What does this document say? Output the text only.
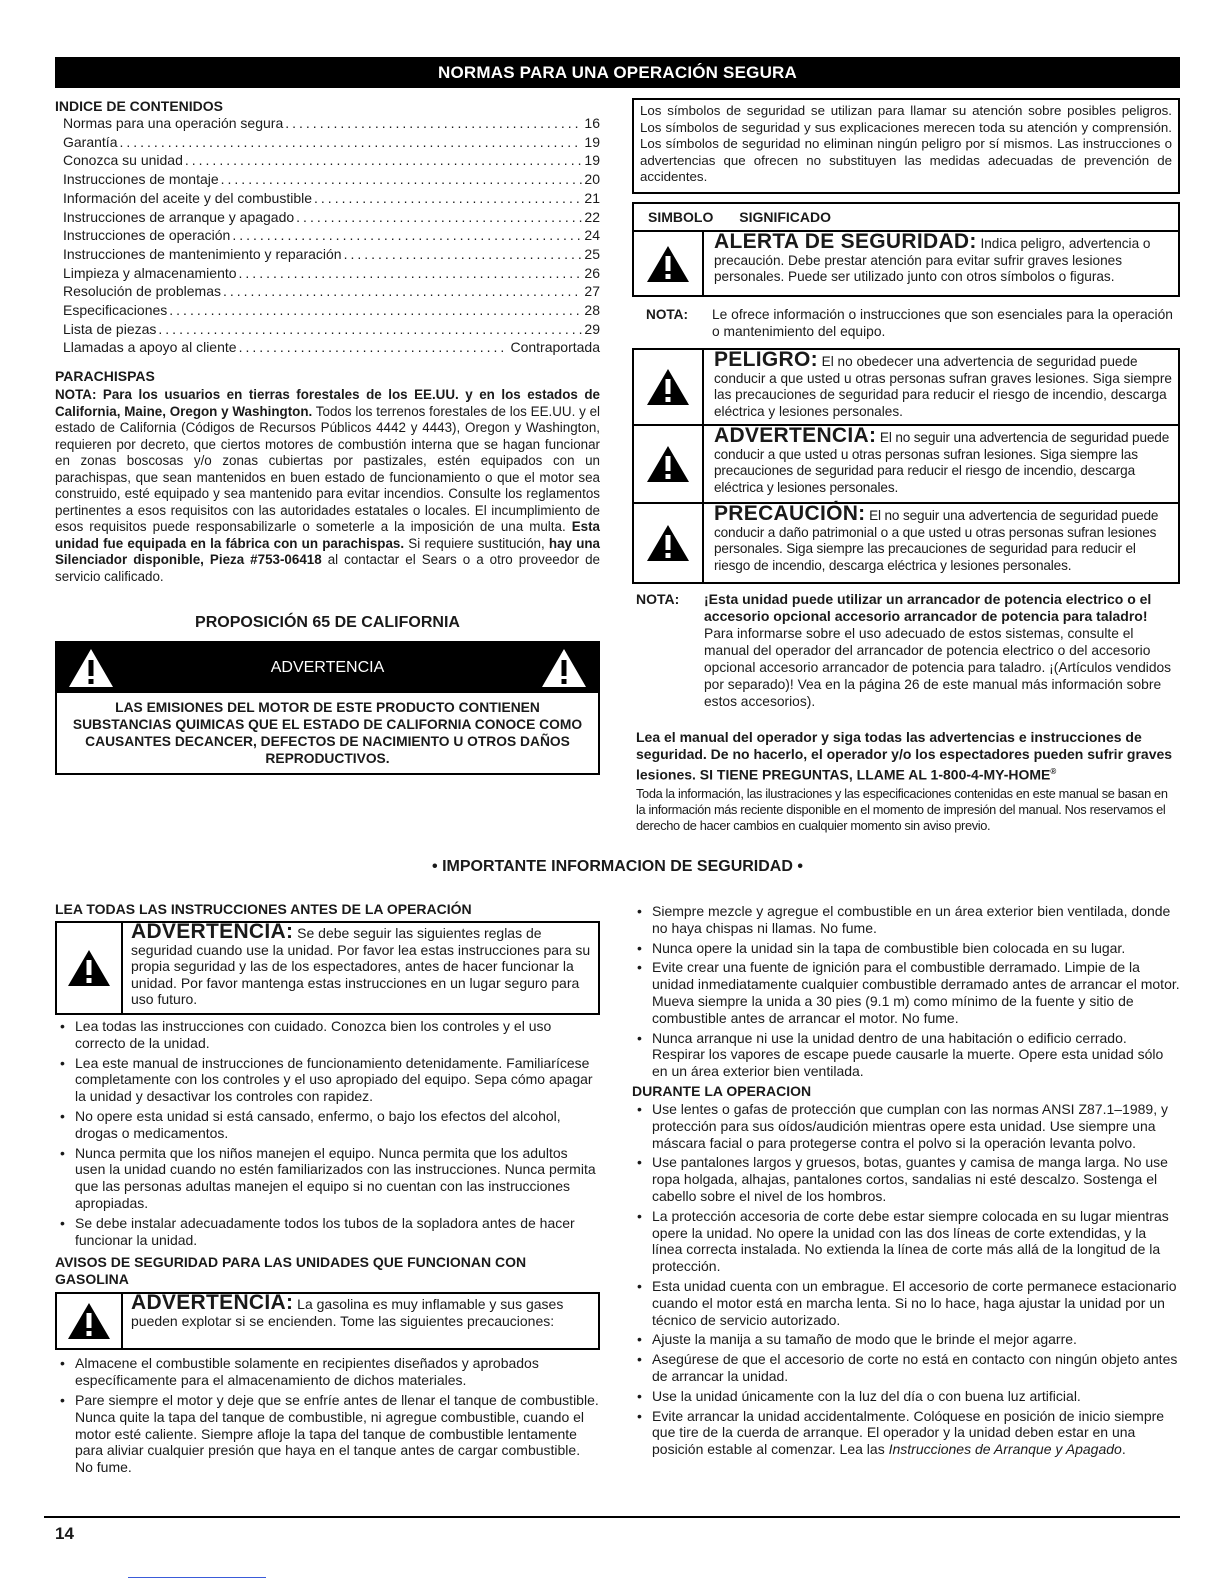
NORMAS PARA UNA OPERACIÓN SEGURA
INDICE DE CONTENIDOS
Normas para una operación segura .....	16
Garantía .....	19
Conozca su unidad .....	19
Instrucciones de montaje .....	20
Información del aceite y del combustible .....	21
Instrucciones de arranque y apagado .....	22
Instrucciones de operación .....	24
Instrucciones de mantenimiento y reparación .....	25
Limpieza y almacenamiento .....	26
Resolución de problemas .....	27
Especificaciones .....	28
Lista de piezas .....	29
Llamadas a apoyo al cliente .....	Contraportada
PARACHISPAS
NOTA: Para los usuarios en tierras forestales de los EE.UU. y en los estados de California, Maine, Oregon y Washington. Todos los terrenos forestales de los EE.UU. y el estado de California (Códigos de Recursos Públicos 4442 y 4443), Oregon y Washington, requieren por decreto, que ciertos motores de combustión interna que se hagan funcionar en zonas boscosas y/o zonas cubiertas por pastizales, estén equipados con un parachispas, que sean mantenidos en buen estado de funcionamiento o que el motor sea construido, esté equipado y sea mantenido para evitar incendios. Consulte los reglamentos pertinentes a esos requisitos con las autoridades estatales o locales. El incumplimiento de esos requisitos puede responsabilizarle o someterle a la imposición de una multa. Esta unidad fue equipada en la fábrica con un parachispas. Si requiere sustitución, hay una Silenciador disponible, Pieza #753-06418 al contactar el Sears o a otro proveedor de servicio calificado.
PROPOSICIÓN 65 DE CALIFORNIA
ADVERTENCIA
LAS EMISIONES DEL MOTOR DE ESTE PRODUCTO CONTIENEN SUBSTANCIAS QUIMICAS QUE EL ESTADO DE CALIFORNIA CONOCE COMO CAUSANTES DECANCER, DEFECTOS DE NACIMIENTO U OTROS DAÑOS REPRODUCTIVOS.
Los símbolos de seguridad se utilizan para llamar su atención sobre posibles peligros. Los símbolos de seguridad y sus explicaciones merecen toda su atención y comprensión. Los símbolos de seguridad no eliminan ningún peligro por sí mismos. Las instrucciones o advertencias que ofrecen no substituyen las medidas adecuadas de prevención de accidentes.
SIMBOLO SIGNIFICADO
ALERTA DE SEGURIDAD: Indica peligro, advertencia o precaución. Debe prestar atención para evitar sufrir graves lesiones personales. Puede ser utilizado junto con otros símbolos o figuras.
NOTA: Le ofrece información o instrucciones que son esenciales para la operación o mantenimiento del equipo.
PELIGRO: El no obedecer una advertencia de seguridad puede conducir a que usted u otras personas sufran graves lesiones. Siga siempre las precauciones de seguridad para reducir el riesgo de incendio, descarga eléctrica y lesiones personales.
ADVERTENCIA: El no seguir una advertencia de seguridad puede conducir a que usted u otras personas sufran lesiones. Siga siempre las precauciones de seguridad para reducir el riesgo de incendio, descarga eléctrica y lesiones personales.
PRECAUCIÓN: El no seguir una advertencia de seguridad puede conducir a daño patrimonial o a que usted u otras personas sufran lesiones personales. Siga siempre las precauciones de seguridad para reducir el riesgo de incendio, descarga eléctrica y lesiones personales.
NOTA: ¡Esta unidad puede utilizar un arrancador de potencia electrico o el accesorio opcional accesorio arrancador de potencia para taladro!
Para informarse sobre el uso adecuado de estos sistemas, consulte el manual del operador del arrancador de potencia electrico o del accesorio opcional accesorio arrancador de potencia para taladro. ¡(Artículos vendidos por separado)! Vea en la página 26 de este manual más información sobre estos accesorios).
Lea el manual del operador y siga todas las advertencias e instrucciones de seguridad. De no hacerlo, el operador y/o los espectadores pueden sufrir graves lesiones. SI TIENE PREGUNTAS, LLAME AL 1-800-4-MY-HOME®
Toda la información, las ilustraciones y las especificaciones contenidas en este manual se basan en la información más reciente disponible en el momento de impresión del manual. Nos reservamos el derecho de hacer cambios en cualquier momento sin aviso previo.
• IMPORTANTE INFORMACION DE SEGURIDAD •
LEA TODAS LAS INSTRUCCIONES ANTES DE LA OPERACIÓN
ADVERTENCIA: Se debe seguir las siguientes reglas de seguridad cuando use la unidad. Por favor lea estas instrucciones para su propia seguridad y las de los espectadores, antes de hacer funcionar la unidad. Por favor mantenga estas instrucciones en un lugar seguro para uso futuro.
• Lea todas las instrucciones con cuidado. Conozca bien los controles y el uso correcto de la unidad.
• Lea este manual de instrucciones de funcionamiento detenidamente. Familiarícese completamente con los controles y el uso apropiado del equipo. Sepa cómo apagar la unidad y desactivar los controles con rapidez.
• No opere esta unidad si está cansado, enfermo, o bajo los efectos del alcohol, drogas o medicamentos.
• Nunca permita que los niños manejen el equipo. Nunca permita que los adultos usen la unidad cuando no estén familiarizados con las instrucciones. Nunca permita que las personas adultas manejen el equipo si no cuentan con las instrucciones apropiadas.
• Se debe instalar adecuadamente todos los tubos de la sopladora antes de hacer funcionar la unidad.
AVISOS DE SEGURIDAD PARA LAS UNIDADES QUE FUNCIONAN CON GASOLINA
ADVERTENCIA: La gasolina es muy inflamable y sus gases pueden explotar si se encienden. Tome las siguientes precauciones:
• Almacene el combustible solamente en recipientes diseñados y aprobados específicamente para el almacenamiento de dichos materiales.
• Pare siempre el motor y deje que se enfríe antes de llenar el tanque de combustible. Nunca quite la tapa del tanque de combustible, ni agregue combustible, cuando el motor esté caliente. Siempre afloje la tapa del tanque de combustible lentamente para aliviar cualquier presión que haya en el tanque antes de cargar combustible. No fume.
• Siempre mezcle y agregue el combustible en un área exterior bien ventilada, donde no haya chispas ni llamas. No fume.
• Nunca opere la unidad sin la tapa de combustible bien colocada en su lugar.
• Evite crear una fuente de ignición para el combustible derramado. Limpie de la unidad inmediatamente cualquier combustible derramado antes de arrancar el motor. Mueva siempre la unida a 30 pies (9.1 m) como mínimo de la fuente y sitio de combustible antes de arrancar el motor. No fume.
• Nunca arranque ni use la unidad dentro de una habitación o edificio cerrado. Respirar los vapores de escape puede causarle la muerte. Opere esta unidad sólo en un área exterior bien ventilada.
DURANTE LA OPERACION
• Use lentes o gafas de protección que cumplan con las normas ANSI Z87.1–1989, y protección para sus oídos/audición mientras opere esta unidad. Use siempre una máscara facial o para protegerse contra el polvo si la operación levanta polvo.
• Use pantalones largos y gruesos, botas, guantes y camisa de manga larga. No use ropa holgada, alhajas, pantalones cortos, sandalias ni esté descalzo. Sostenga el cabello sobre el nivel de los hombros.
• La protección accesoria de corte debe estar siempre colocada en su lugar mientras opere la unidad. No opere la unidad con las dos líneas de corte extendidas, y la línea correcta instalada. No extienda la línea de corte más allá de la longitud de la protección.
• Esta unidad cuenta con un embrague. El accesorio de corte permanece estacionario cuando el motor está en marcha lenta. Si no lo hace, haga ajustar la unidad por un técnico de servicio autorizado.
• Ajuste la manija a su tamaño de modo que le brinde el mejor agarre.
• Asegúrese de que el accesorio de corte no está en contacto con ningún objeto antes de arrancar la unidad.
• Use la unidad únicamente con la luz del día o con buena luz artificial.
• Evite arrancar la unidad accidentalmente. Colóquese en posición de inicio siempre que tire de la cuerda de arranque. El operador y la unidad deben estar en una posición estable al comenzar. Lea las Instrucciones de Arranque y Apagado.
14
